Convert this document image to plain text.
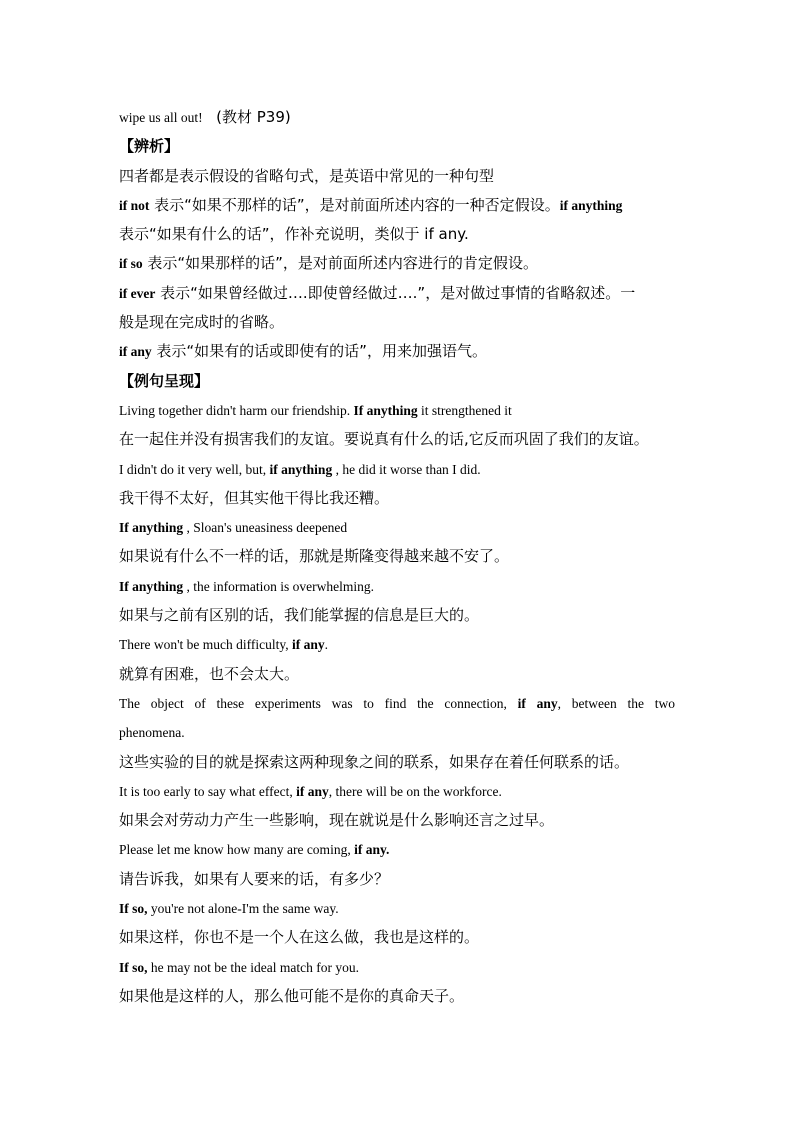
wipe us all out! (教材 P39)
【辨析】
四者都是表示假设的省略句式，是英语中常见的一种句型
if not 表示“如果不那样的话”，是对前面所述内容的一种否定假设。if anything
表示“如果有什么的话”，作补充说明，类似于 if any.
if so 表示“如果那样的话”，是对前面所述内容进行的肯定假设。
if ever 表示“如果曾经做过….即使曾经做过….”，是对做过事情的省略叙述。一
般是现在完成时的省略。
if any 表示“如果有的话或即使有的话”，用来加强语气。
【例句呈现】
Living together didn't harm our friendship. If anything it strengthened it
在一起住并没有损害我们的友谊。要说真有什么的话,它反而巩固了我们的友谊。
I didn't do it very well, but, if anything , he did it worse than I did.
我干得不太好，但其实他干得比我还糟。
If anything , Sloan's uneasiness deepened
如果说有什么不一样的话，那就是斯隆变得越来越不安了。
If anything , the information is overwhelming.
如果与之前有区别的话，我们能掌握的信息是巨大的。
There won't be much difficulty, if any.
就算有困难，也不会太大。
The object of these experiments was to find the connection, if any, between the two
phenomena.
这些实验的目的就是探索这两种现象之间的联系，如果存在着任何联系的话。
It is too early to say what effect, if any, there will be on the workforce.
如果会对劳动力产生一些影响，现在就说是什么影响还言之过早。
Please let me know how many are coming, if any.
请告诉我，如果有人要来的话，有多少？
If so, you're not alone-I'm the same way.
如果这样，你也不是一个人在这么做，我也是这样的。
If so, he may not be the ideal match for you.
如果他是这样的人，那么他可能不是你的真命天子。
